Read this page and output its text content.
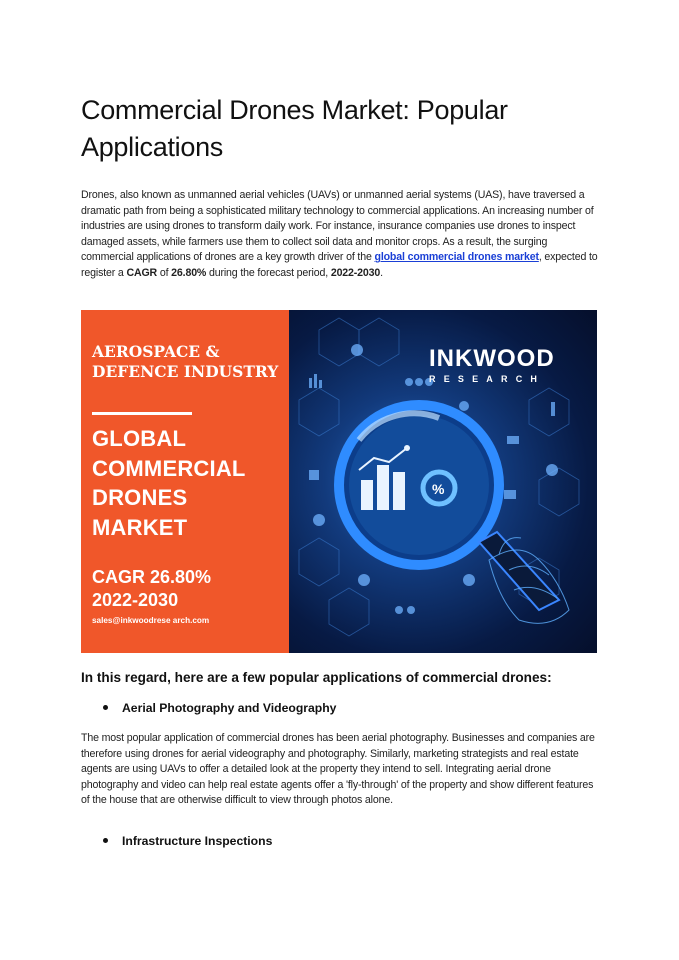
Commercial Drones Market: Popular Applications

Drones, also known as unmanned aerial vehicles (UAVs) or unmanned aerial systems (UAS), have traversed a dramatic path from being a sophisticated military technology to commercial applications. An increasing number of industries are using drones to transform daily work. For instance, insurance companies use drones to inspect damaged assets, while farmers use them to collect soil data and monitor crops. As a result, the surging commercial applications of drones are a key growth driver of the global commercial drones market, expected to register a CAGR of 26.80% during the forecast period, 2022-2030.

AEROSPACE & DEFENCE INDUSTRY

GLOBAL
COMMERCIAL
DRONES
MARKET

CAGR 26.80%
2022-2030

sales@inkwoodrese arch.com
%
INKWOOD
RESEARCH
In this regard, here are a few popular applications of commercial drones:
Aerial Photography and Videography

The most popular application of commercial drones has been aerial photography. Businesses and companies are therefore using drones for aerial videography and photography. Similarly, marketing strategists and real estate agents are using UAVs to offer a detailed look at the property they intend to sell. Integrating aerial drone photography and video can help real estate agents offer a 'fly-through' of the property and show different features of the house that are otherwise difficult to view through photos alone.

Infrastructure Inspections
